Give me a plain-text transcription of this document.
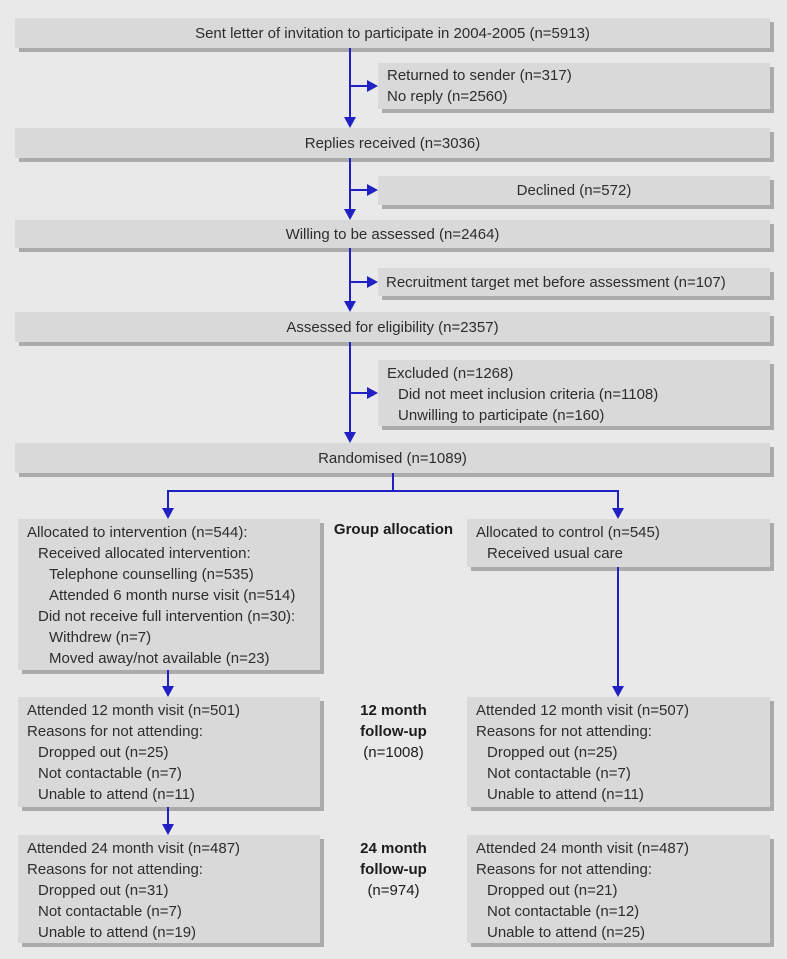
Sent letter of invitation to participate in 2004-2005 (n=5913)
Replies received (n=3036)
Willing to be assessed (n=2464)
Assessed for eligibility (n=2357)
Randomised (n=1089)
Returned to sender (n=317)
No reply (n=2560)
Declined (n=572)
Recruitment target met before assessment (n=107)
Excluded (n=1268)
Did not meet inclusion criteria (n=1108)
Unwilling to participate (n=160)
Allocated to intervention (n=544):
Received allocated intervention:
Telephone counselling (n=535)
Attended 6 month nurse visit (n=514)
Did not receive full intervention (n=30):
Withdrew (n=7)
Moved away/not available (n=23)
Attended 12 month visit (n=501)
Reasons for not attending:
Dropped out (n=25)
Not contactable (n=7)
Unable to attend (n=11)
Attended 24 month visit (n=487)
Reasons for not attending:
Dropped out (n=31)
Not contactable (n=7)
Unable to attend (n=19)
Allocated to control (n=545)
Received usual care
Attended 12 month visit (n=507)
Reasons for not attending:
Dropped out (n=25)
Not contactable (n=7)
Unable to attend (n=11)
Attended 24 month visit (n=487)
Reasons for not attending:
Dropped out (n=21)
Not contactable (n=12)
Unable to attend (n=25)
Group allocation
12 month
follow-up
(n=1008)
24 month
follow-up
(n=974)
